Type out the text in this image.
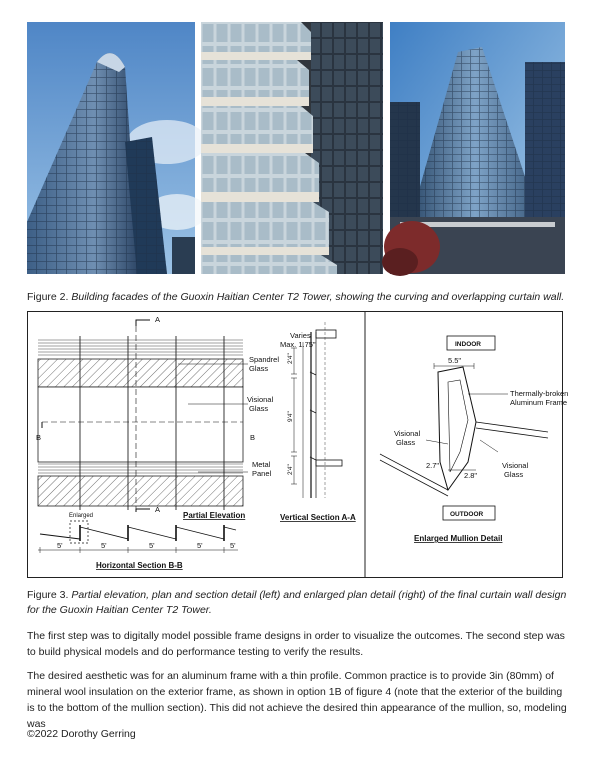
Figure 2. Building facades of the Guoxin Haitian Center T2 Tower, showing the curving and overlapping curtain wall.
A
A
B	B
Spandrel
Glass
Visional
Glass
Metal
Panel
Partial Elevation
Enlarged
5'	5'	5'	5'	5'
Horizontal Section B-B
Varies
Max. 1.75"
2'4"
9'4"
2'4"
Vertical Section A-A
INDOOR
OUTDOOR
5.5"
Thermally-broken
Aluminum Frame
Visional
Glass
Visional
Glass
2.7"
2.8"
Enlarged Mullion Detail
Figure 3. Partial elevation, plan and section detail (left) and enlarged plan detail (right) of the final curtain wall design for the Guoxin Haitian Center T2 Tower.

The first step was to digitally model possible frame designs in order to visualize the outcomes. The second step was to build physical models and do performance testing to verify the results.

The desired aesthetic was for an aluminum frame with a thin profile. Common practice is to provide 3in (80mm) of mineral wool insulation on the exterior frame, as shown in option 1B of figure 4 (note that the exterior of the building is to the bottom of the mullion section). This did not achieve the desired thin appearance of the mullion, so, modeling was

©2022 Dorothy Gerring
